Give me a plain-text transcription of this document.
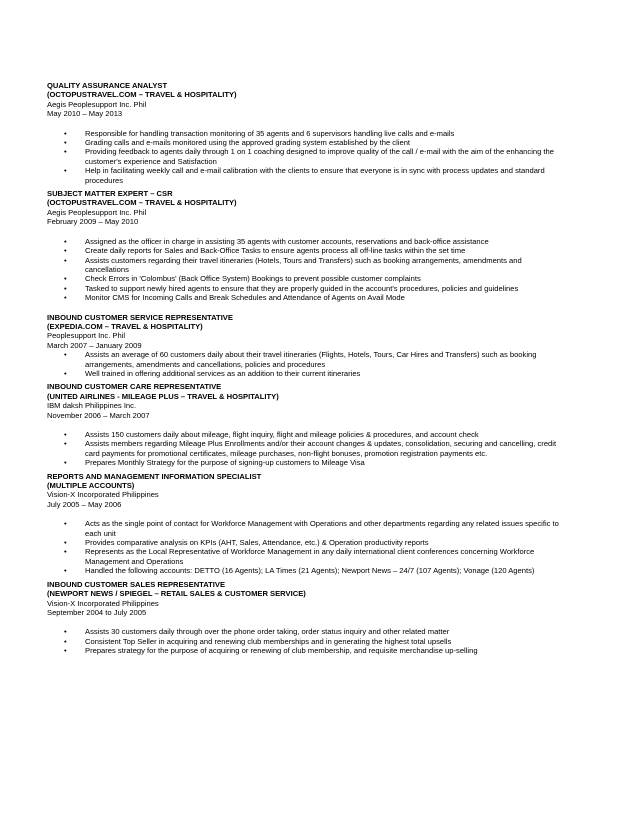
QUALITY ASSURANCE ANALYST
(OCTOPUSTRAVEL.COM – TRAVEL & HOSPITALITY)
Aegis Peoplesupport Inc. Phil
May 2010 – May 2013
• Responsible for handling transaction monitoring of 35 agents and 6 supervisors handling live calls and e-mails
• Grading calls and e-mails monitored using the approved grading system established by the client
• Providing feedback to agents daily through 1 on 1 coaching designed to improve quality of the call / e-mail with the aim of the enhancing the customer's experience and Satisfaction
• Help in facilitating weekly call and e-mail calibration with the clients to ensure that everyone is in sync with process updates and standard procedures
SUBJECT MATTER EXPERT – CSR
(OCTOPUSTRAVEL.COM – TRAVEL & HOSPITALITY)
Aegis Peoplesupport Inc. Phil
February 2009 – May 2010
• Assigned as the officer in charge in assisting 35 agents with customer accounts, reservations and back-office assistance
• Create daily reports for Sales and Back-Office Tasks to ensure agents process all off-line tasks within the set time
• Assists customers regarding their travel itineraries (Hotels, Tours and Transfers) such as booking arrangements, amendments and cancellations
• Check Errors in 'Colombus' (Back Office System) Bookings to prevent possible customer complaints
• Tasked to support newly hired agents to ensure that they are properly guided in the account's procedures, policies and guidelines
• Monitor CMS for Incoming Calls and Break Schedules and Attendance of Agents on Avail Mode
INBOUND CUSTOMER SERVICE REPRESENTATIVE
(EXPEDIA.COM – TRAVEL & HOSPITALITY)
Peoplesupport Inc. Phil
March 2007 – January 2009
• Assists an average of 60 customers daily about their travel itineraries (Flights, Hotels, Tours, Car Hires and Transfers) such as booking arrangements, amendments and cancellations, policies and procedures
• Well trained in offering additional services as an addition to their current itineraries
INBOUND CUSTOMER CARE REPRESENTATIVE
(UNITED AIRLINES - MILEAGE PLUS – TRAVEL & HOSPITALITY)
IBM daksh Philippines Inc.
November 2006 – March 2007
• Assists 150 customers daily about mileage, flight inquiry, flight and mileage policies & procedures, and account check
• Assists members regarding Mileage Plus Enrollments and/or their account changes & updates, consolidation, securing and cancelling, credit card payments for promotional certificates, mileage purchases, non-flight bonuses, promotion registration payments etc.
• Prepares Monthly Strategy for the purpose of signing-up customers to Mileage Visa
REPORTS AND MANAGEMENT INFORMATION SPECIALIST
(MULTIPLE ACCOUNTS)
Vision-X Incorporated Philippines
July 2005 – May 2006
• Acts as the single point of contact for Workforce Management with Operations and other departments regarding any related issues specific to each unit
• Provides comparative analysis on KPIs (AHT, Sales, Attendance, etc.) & Operation productivity reports
• Represents as the Local Representative of Workforce Management in any daily international client conferences concerning Workforce Management and Operations
• Handled the following accounts: DETTO (16 Agents); LA Times (21 Agents); Newport News – 24/7 (107 Agents); Vonage (120 Agents)
INBOUND CUSTOMER SALES REPRESENTATIVE
(NEWPORT NEWS / SPIEGEL – RETAIL SALES & CUSTOMER SERVICE)
Vision-X Incorporated Philippines
September 2004 to July 2005
• Assists 30 customers daily through over the phone order taking, order status inquiry and other related matter
• Consistent Top Seller in acquiring and renewing club memberships and in generating the highest total upsells
• Prepares strategy for the purpose of acquiring or renewing of club membership, and requisite merchandise up-selling
